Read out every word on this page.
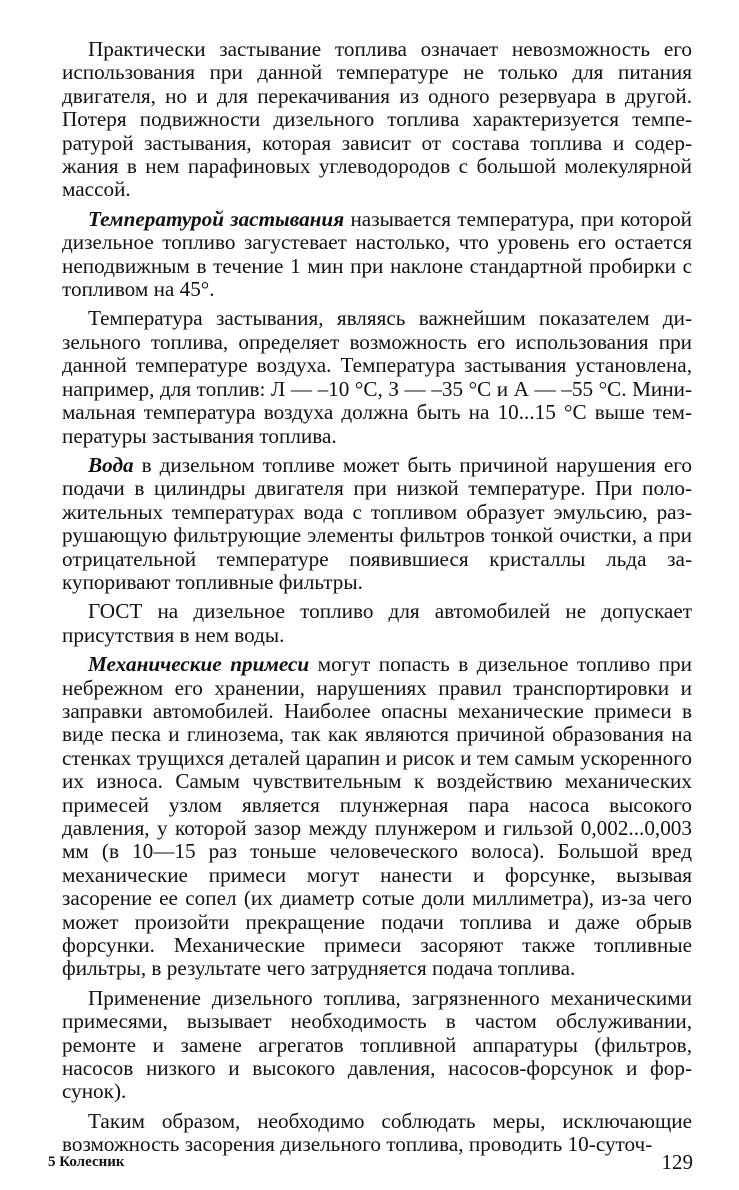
Практически застывание топлива означает невозможность его использования при данной температуре не только для питания двигателя, но и для перекачивания из одного резервуара в другой. Потеря подвижности дизельного топлива характеризуется температурой застывания, которая зависит от состава топлива и содержания в нем парафиновых углеводородов с большой молекулярной массой.

Температурой застывания называется температура, при которой дизельное топливо загустевает настолько, что уровень его остается неподвижным в течение 1 мин при наклоне стандартной пробирки с топливом на 45°.

Температура застывания, являясь важнейшим показателем дизельного топлива, определяет возможность его использования при данной температуре воздуха. Температура застывания установлена, например, для топлив: Л — –10 °С, З — –35 °С и А — –55 °С. Минимальная температура воздуха должна быть на 10...15 °С выше температуры застывания топлива.

Вода в дизельном топливе может быть причиной нарушения его подачи в цилиндры двигателя при низкой температуре. При положительных температурах вода с топливом образует эмульсию, разрушающую фильтрующие элементы фильтров тонкой очистки, а при отрицательной температуре появившиеся кристаллы льда закупоривают топливные фильтры.

ГОСТ на дизельное топливо для автомобилей не допускает присутствия в нем воды.

Механические примеси могут попасть в дизельное топливо при небрежном его хранении, нарушениях правил транспортировки и заправки автомобилей. Наиболее опасны механические примеси в виде песка и глинозема, так как являются причиной образования на стенках трущихся деталей царапин и рисок и тем самым ускоренного их износа. Самым чувствительным к воздействию механических примесей узлом является плунжерная пара насоса высокого давления, у которой зазор между плунжером и гильзой 0,002...0,003 мм (в 10—15 раз тоньше человеческого волоса). Большой вред механические примеси могут нанести и форсунке, вызывая засорение ее сопел (их диаметр сотые доли миллиметра), из-за чего может произойти прекращение подачи топлива и даже обрыв форсунки. Механические примеси засоряют также топливные фильтры, в результате чего затрудняется подача топлива.

Применение дизельного топлива, загрязненного механическими примесями, вызывает необходимость в частом обслуживании, ремонте и замене агрегатов топливной аппаратуры (фильтров, насосов низкого и высокого давления, насосов-форсунок и форсунок).

Таким образом, необходимо соблюдать меры, исключающие возможность засорения дизельного топлива, проводить 10-суточ-

5 Колесник	129
